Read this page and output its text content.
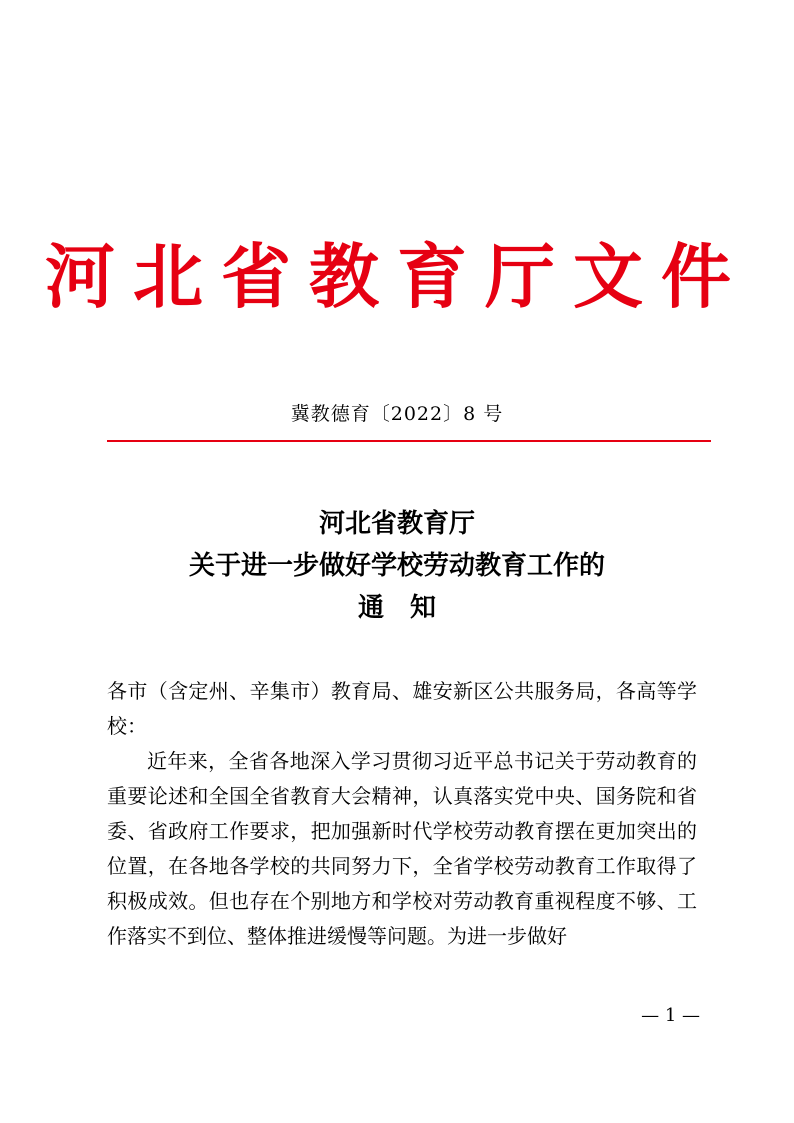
河北省教育厅文件
冀教德育〔2022〕8 号
河北省教育厅
关于进一步做好学校劳动教育工作的
通知

各市（含定州、辛集市）教育局、雄安新区公共服务局，各高等学校：

近年来，全省各地深入学习贯彻习近平总书记关于劳动教育的重要论述和全国全省教育大会精神，认真落实党中央、国务院和省委、省政府工作要求，把加强新时代学校劳动教育摆在更加突出的位置，在各地各学校的共同努力下，全省学校劳动教育工作取得了积极成效。但也存在个别地方和学校对劳动教育重视程度不够、工作落实不到位、整体推进缓慢等问题。为进一步做好

— 1 —
